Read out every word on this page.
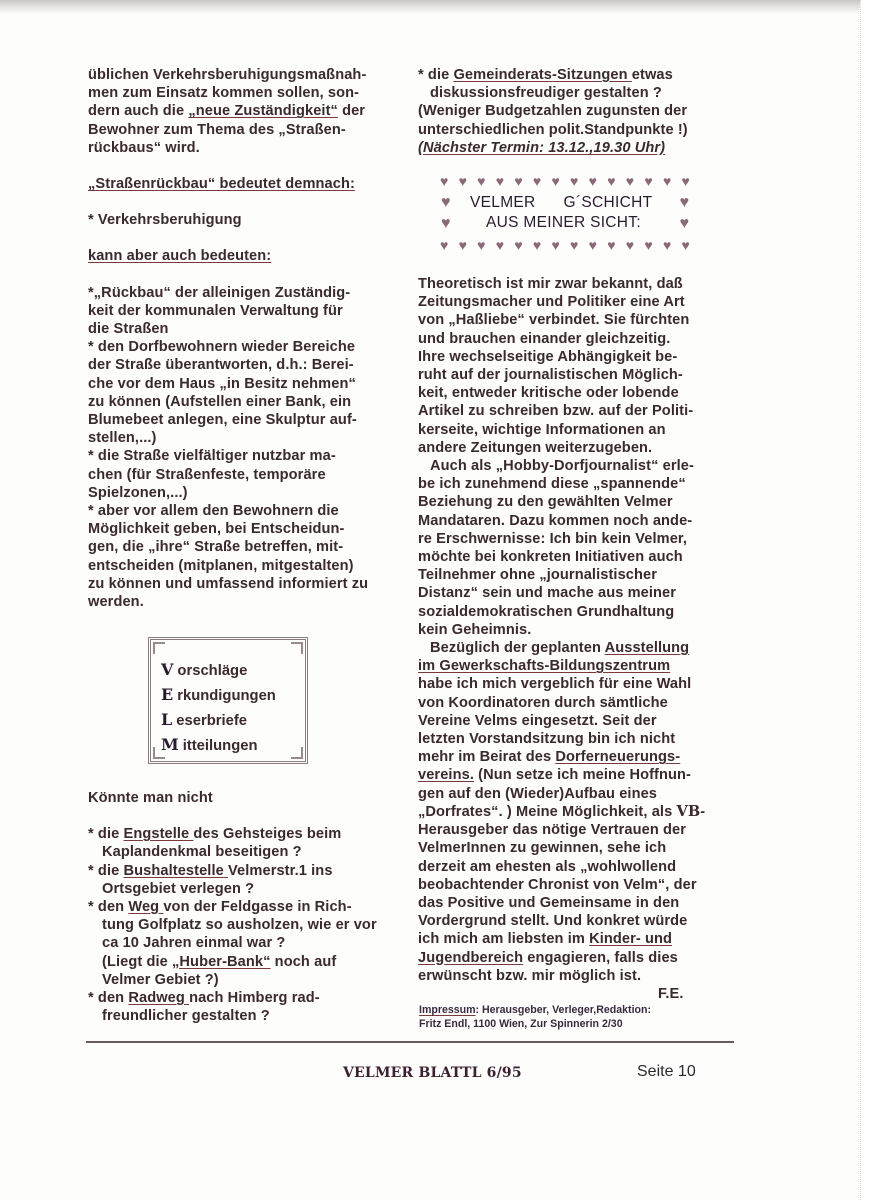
üblichen Verkehrsberuhigungsmaßnah-
men zum Einsatz kommen sollen, son-
dern auch die „neue Zuständigkeit“ der
Bewohner zum Thema des „Straßen-
rückbaus“ wird.
„Straßenrückbau“ bedeutet demnach:
* Verkehrsberuhigung
kann aber auch bedeuten:
*„Rückbau“ der alleinigen Zuständig-
keit der kommunalen Verwaltung für
die Straßen
* den Dorfbewohnern wieder Bereiche
der Straße überantworten, d.h.: Berei-
che vor dem Haus „in Besitz nehmen“
zu können (Aufstellen einer Bank, ein
Blumebeet anlegen, eine Skulptur auf-
stellen,...)
* die Straße vielfältiger nutzbar ma-
chen (für Straßenfeste, temporäre
Spielzonen,...)
* aber vor allem den Bewohnern die
Möglichkeit geben, bei Entscheidun-
gen, die „ihre“ Straße betreffen, mit-
entscheiden (mitplanen, mitgestalten)
zu können und umfassend informiert zu
werden.
V orschläge
E rkundigungen
L eserbriefe
M itteilungen
Könnte man nicht
* die Engstelle des Gehsteiges beim
Kaplandenkmal beseitigen ?
* die Bushaltestelle Velmerstr.1 ins
Ortsgebiet verlegen ?
* den Weg von der Feldgasse in Rich-
tung Golfplatz so ausholzen, wie er vor
ca 10 Jahren einmal war ?
(Liegt die „Huber-Bank“ noch auf
Velmer Gebiet ?)
* den Radweg nach Himberg rad-
freundlicher gestalten ?
* die Gemeinderats-Sitzungen etwas
diskussionsfreudiger gestalten ?
(Weniger Budgetzahlen zugunsten der
unterschiedlichen polit.Standpunkte !)
(Nächster Termin: 13.12.,19.30 Uhr)
♥ ♥ ♥ ♥ ♥ ♥ ♥ ♥ ♥ ♥ ♥ ♥ ♥ ♥
♥
♥
♥
♥
VELMER G´SCHICHT
AUS MEINER SICHT:
♥ ♥ ♥ ♥ ♥ ♥ ♥ ♥ ♥ ♥ ♥ ♥ ♥ ♥
Theoretisch ist mir zwar bekannt, daß
Zeitungsmacher und Politiker eine Art
von „Haßliebe“ verbindet. Sie fürchten
und brauchen einander gleichzeitig.
Ihre wechselseitige Abhängigkeit be-
ruht auf der journalistischen Möglich-
keit, entweder kritische oder lobende
Artikel zu schreiben bzw. auf der Politi-
kerseite, wichtige Informationen an
andere Zeitungen weiterzugeben.
Auch als „Hobby-Dorfjournalist“ erle-
be ich zunehmend diese „spannende“
Beziehung zu den gewählten Velmer
Mandataren. Dazu kommen noch ande-
re Erschwernisse: Ich bin kein Velmer,
möchte bei konkreten Initiativen auch
Teilnehmer ohne „journalistischer
Distanz“ sein und mache aus meiner
sozialdemokratischen Grundhaltung
kein Geheimnis.
Bezüglich der geplanten Ausstellung
im Gewerkschafts-Bildungszentrum
habe ich mich vergeblich für eine Wahl
von Koordinatoren durch sämtliche
Vereine Velms eingesetzt. Seit der
letzten Vorstandsitzung bin ich nicht
mehr im Beirat des Dorferneuerungs-
vereins. (Nun setze ich meine Hoffnun-
gen auf den (Wieder)Aufbau eines
„Dorfrates“. ) Meine Möglichkeit, als VB-
Herausgeber das nötige Vertrauen der
VelmerInnen zu gewinnen, sehe ich
derzeit am ehesten als „wohlwollend
beobachtender Chronist von Velm“, der
das Positive und Gemeinsame in den
Vordergrund stellt. Und konkret würde
ich mich am liebsten im Kinder- und
Jugendbereich engagieren, falls dies
erwünscht bzw. mir möglich ist.
F.E.
Impressum: Herausgeber, Verleger,Redaktion:
Fritz Endl, 1100 Wien, Zur Spinnerin 2/30
VELMER BLATTL 6/95	Seite 10
